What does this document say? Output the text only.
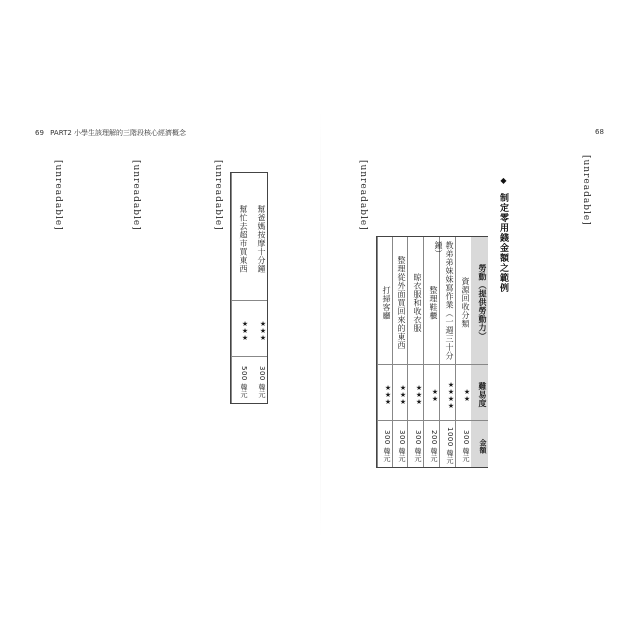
69 PART2 小學生該理解的三階段核心經濟概念	68
[unreadable]
◆ 制定零用錢金額之範例
勞動（提供勞動力）
難易度
金額
資源回收分類
★★
300 韓元
教弟弟妹妹寫作業（一週三十分鐘）
★★★★
1000 韓元
整理鞋櫃
★★
200 韓元
晾衣服和收衣服
★★★
300 韓元
整理從外面買回來的東西
★★★
300 韓元
打掃客廳
★★★
300 韓元
[unreadable]
幫爸媽按摩十分鐘
★★★
300 韓元
幫忙去超市買東西
★★★
500 韓元
[unreadable]
[unreadable]
[unreadable]
